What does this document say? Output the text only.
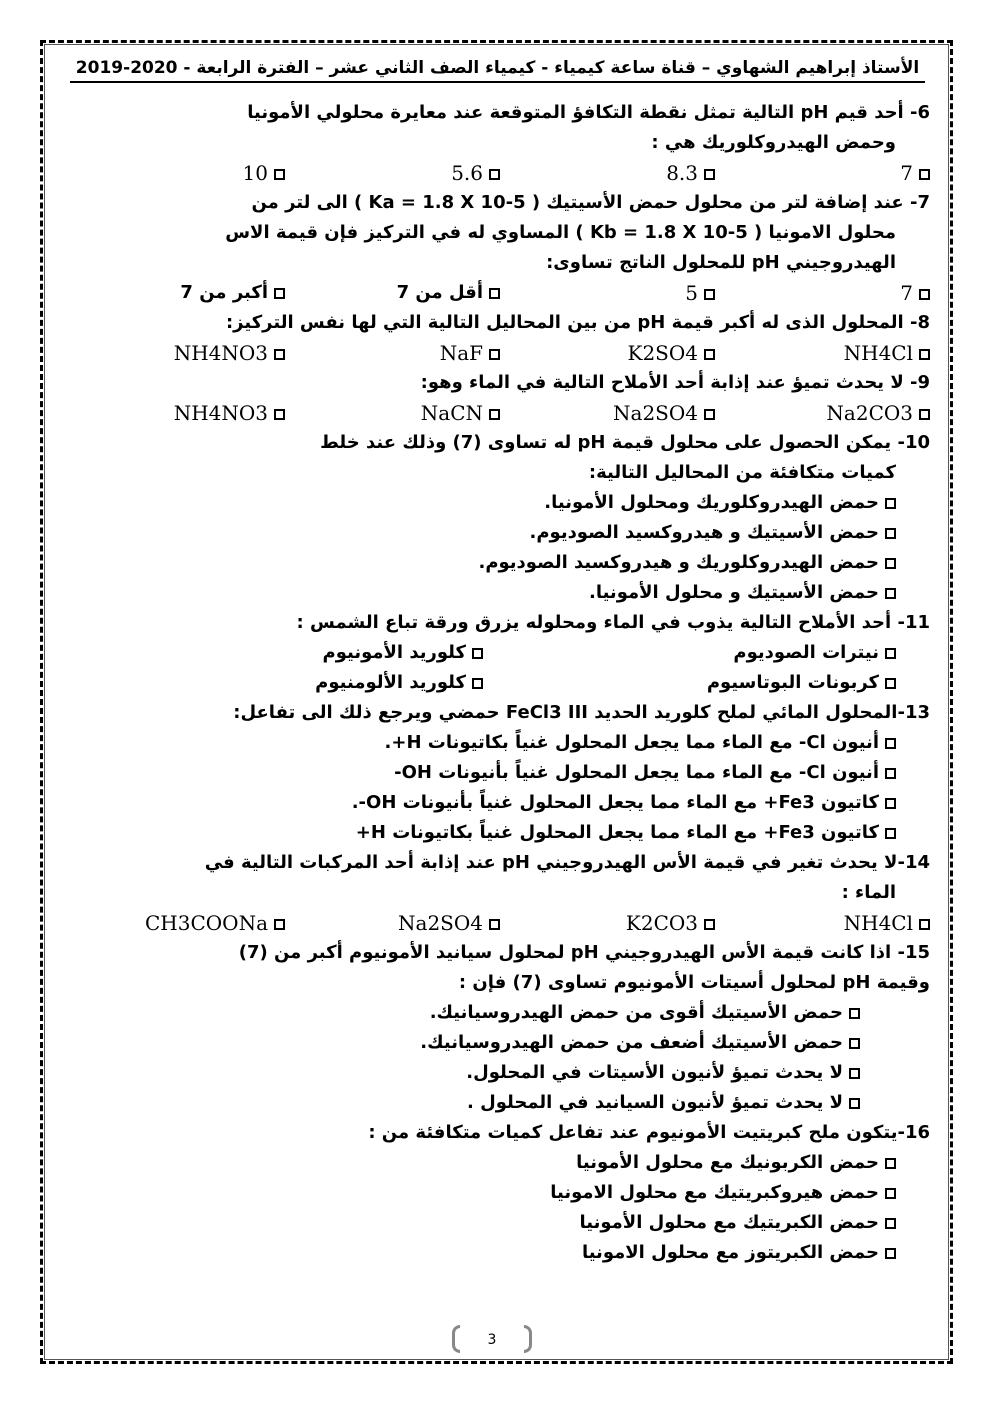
الأستاذ إبراهيم الشهاوي – قناة ساعة كيمياء - كيمياء الصف الثاني عشر – الفترة الرابعة - 2020-2019
6- أحد قيم pH التالية تمثل نقطة التكافؤ المتوقعة عند معايرة محلولي الأمونيا
وحمض الهيدروكلوريك هي :
7
8.3
5.6
10
7- عند إضافة لتر من محلول حمض الأسيتيك ( Ka = 1.8 X 10-5 ) الى لتر من
محلول الامونيا ( Kb = 1.8 X 10-5 ) المساوي له في التركيز فإن قيمة الاس
الهيدروجيني pH للمحلول الناتج تساوى:
7
5
أقل من 7
أكبر من 7
8- المحلول الذى له أكبر قيمة pH من بين المحاليل التالية التي لها نفس التركيز:
NH4Cl
K2SO4
NaF
NH4NO3
9- لا يحدث تميؤ عند إذابة أحد الأملاح التالية في الماء وهو:
Na2CO3
Na2SO4
NaCN
NH4NO3
10- يمكن الحصول على محلول قيمة pH له تساوى (7) وذلك عند خلط
كميات متكافئة من المحاليل التالية:
حمض الهيدروكلوريك ومحلول الأمونيا.
حمض الأسيتيك و هيدروكسيد الصوديوم.
حمض الهيدروكلوريك و هيدروكسيد الصوديوم.
حمض الأسيتيك و محلول الأمونيا.
11- أحد الأملاح التالية يذوب في الماء ومحلوله يزرق ورقة تباع الشمس :
نيترات الصوديوم
كلوريد الأمونيوم
كربونات البوتاسيوم
كلوريد الألومنيوم
13-المحلول المائي لملح كلوريد الحديد FeCl3 III حمضي ويرجع ذلك الى تفاعل:
أنيون Cl- مع الماء مما يجعل المحلول غنياً بكاتيونات H+.
أنيون Cl- مع الماء مما يجعل المحلول غنياً بأنيونات OH-
كاتيون Fe3+ مع الماء مما يجعل المحلول غنياً بأنيونات OH-.
كاتيون Fe3+ مع الماء مما يجعل المحلول غنياً بكاتيونات H+
14-لا يحدث تغير في قيمة الأس الهيدروجيني pH عند إذابة أحد المركبات التالية في
الماء :
NH4Cl
K2CO3
Na2SO4
CH3COONa
15- اذا كانت قيمة الأس الهيدروجيني pH لمحلول سيانيد الأمونيوم أكبر من (7)
وقيمة pH لمحلول أسيتات الأمونيوم تساوى (7) فإن :
حمض الأسيتيك أقوى من حمض الهيدروسيانيك.
حمض الأسيتيك أضعف من حمض الهيدروسيانيك.
لا يحدث تميؤ لأنيون الأسيتات في المحلول.
لا يحدث تميؤ لأنيون السيانيد في المحلول .
16-يتكون ملح كبريتيت الأمونيوم عند تفاعل كميات متكافئة من :
حمض الكربونيك مع محلول الأمونيا
حمض هيروكبريتيك مع محلول الامونيا
حمض الكبريتيك مع محلول الأمونيا
حمض الكبريتوز مع محلول الامونيا
3
